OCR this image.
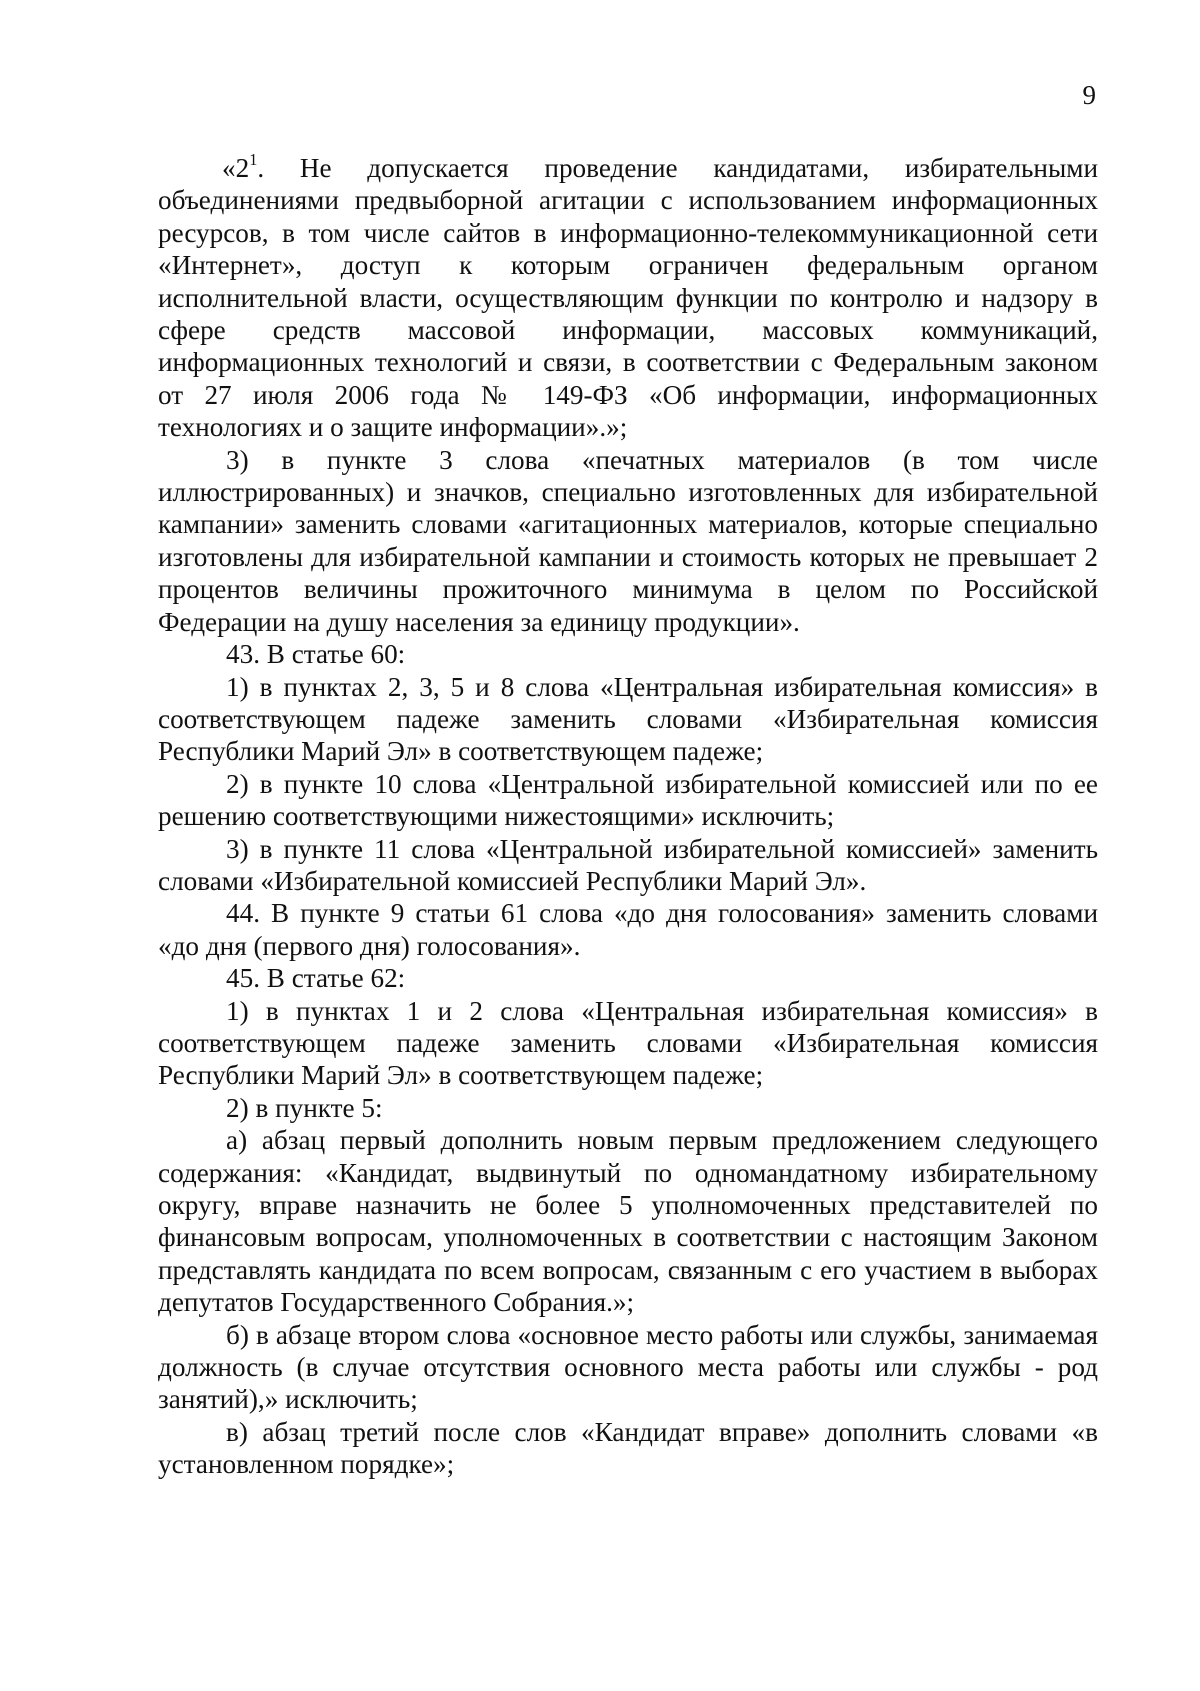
9

«$2^1$. Не допускается проведение кандидатами, избирательными объединениями предвыборной агитации с использованием информационных ресурсов, в том числе сайтов в информационно-телекоммуникационной сети «Интернет», доступ к которым ограничен федеральным органом исполнительной власти, осуществляющим функции по контролю и надзору в сфере средств массовой информации, массовых коммуникаций, информационных технологий и связи, в соответствии с Федеральным законом от 27 июля 2006 года № 149-ФЗ «Об информации, информационных технологиях и о защите информации».»;

3) в пункте 3 слова «печатных материалов (в том числе иллюстрированных) и значков, специально изготовленных для избирательной кампании» заменить словами «агитационных материалов, которые специально изготовлены для избирательной кампании и стоимость которых не превышает 2 процентов величины прожиточного минимума в целом по Российской Федерации на душу населения за единицу продукции».

43. В статье 60:

1) в пунктах 2, 3, 5 и 8 слова «Центральная избирательная комиссия» в соответствующем падеже заменить словами «Избирательная комиссия Республики Марий Эл» в соответствующем падеже;

2) в пункте 10 слова «Центральной избирательной комиссией или по ее решению соответствующими нижестоящими» исключить;

3) в пункте 11 слова «Центральной избирательной комиссией» заменить словами «Избирательной комиссией Республики Марий Эл».

44. В пункте 9 статьи 61 слова «до дня голосования» заменить словами «до дня (первого дня) голосования».

45. В статье 62:

1) в пунктах 1 и 2 слова «Центральная избирательная комиссия» в соответствующем падеже заменить словами «Избирательная комиссия Республики Марий Эл» в соответствующем падеже;

2) в пункте 5:

а) абзац первый дополнить новым первым предложением следующего содержания: «Кандидат, выдвинутый по одномандатному избирательному округу, вправе назначить не более 5 уполномоченных представителей по финансовым вопросам, уполномоченных в соответствии с настоящим Законом представлять кандидата по всем вопросам, связанным с его участием в выборах депутатов Государственного Собрания.»;

б) в абзаце втором слова «основное место работы или службы, занимаемая должность (в случае отсутствия основного места работы или службы - род занятий),» исключить;

в) абзац третий после слов «Кандидат вправе» дополнить словами «в установленном порядке»;
